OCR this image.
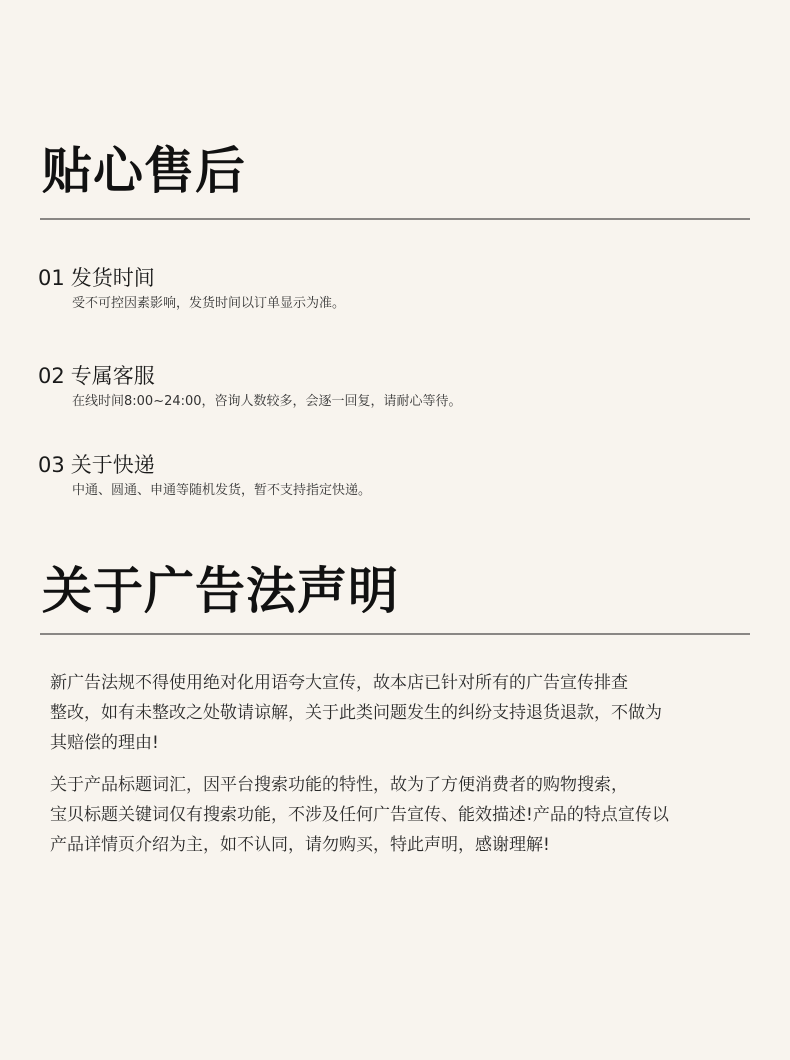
贴心售后
01 发货时间
受不可控因素影响，发货时间以订单显示为准。
02 专属客服
在线时间8:00~24:00，咨询人数较多，会逐一回复，请耐心等待。
03 关于快递
中通、圆通、申通等随机发货，暂不支持指定快递。
关于广告法声明
新广告法规不得使用绝对化用语夸大宣传，故本店已针对所有的广告宣传排查
整改，如有未整改之处敬请谅解，关于此类问题发生的纠纷支持退货退款，不做为
其赔偿的理由!
关于产品标题词汇，因平台搜索功能的特性，故为了方便消费者的购物搜索，
宝贝标题关键词仅有搜索功能，不涉及任何广告宣传、能效描述!产品的特点宣传以
产品详情页介绍为主，如不认同，请勿购买，特此声明，感谢理解!
